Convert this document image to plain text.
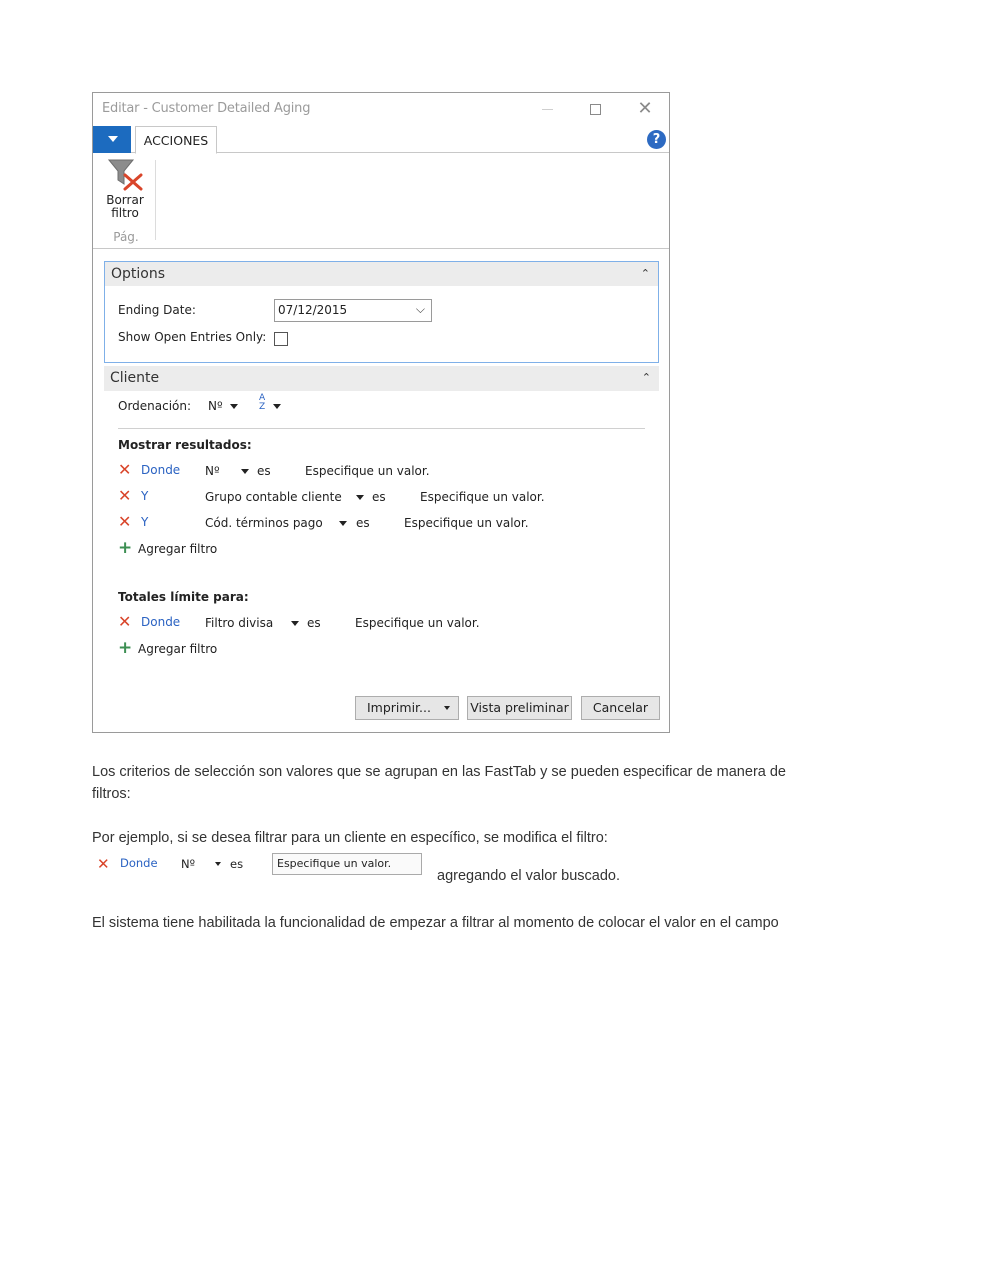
Editar - Customer Detailed Aging	✕
ACCIONES	?
Borrar
filtro
Pág.
Options	⌃
Ending Date:	07/12/2015	⌵
Show Open Entries Only:
Cliente	⌃
Ordenación: Nº
A Z
Mostrar resultados:
✕ Donde Nº	es	Especifique un valor.
✕ Y	Grupo contable cliente	es	Especifique un valor.
✕ Y	Cód. términos pago	es	Especifique un valor.
+ Agregar filtro
Totales límite para:
✕ Donde Filtro divisa	es	Especifique un valor.
+ Agregar filtro
Imprimir...	Vista preliminar	Cancelar
Los criterios de selección son valores que se agrupan en las FastTab y se pueden especificar de manera de
filtros:
Por ejemplo, si se desea filtrar para un cliente en específico, se modifica el filtro:
✕ Donde Nº	es	Especifique un valor.
agregando el valor buscado.
El sistema tiene habilitada la funcionalidad de empezar a filtrar al momento de colocar el valor en el campo
